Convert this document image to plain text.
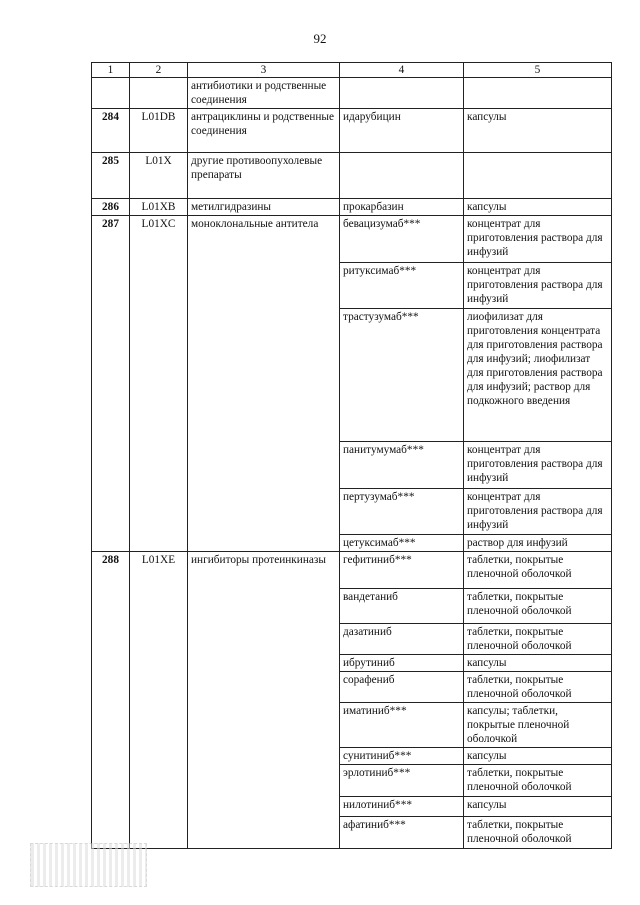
92
1	2	3	4	5
		антибиотики и родственные соединения		
284	L01DB	антрациклины и родственные соединения	идарубицин	капсулы
285	L01X	другие противоопухолевые препараты		
286	L01XB	метилгидразины	прокарбазин	капсулы
287	L01XC	моноклональные антитела	бевацизумаб***	концентрат для приготовления раствора для инфузий
			ритуксимаб***	концентрат для приготовления раствора для инфузий
			трастузумаб***	лиофилизат для приготовления концентрата для приготовления раствора для инфузий; лиофилизат для приготовления раствора для инфузий; раствор для подкожного введения
			панитумумаб***	концентрат для приготовления раствора для инфузий
			пертузумаб***	концентрат для приготовления раствора для инфузий
			цетуксимаб***	раствор для инфузий
288	L01XE	ингибиторы протеинкиназы	гефитиниб***	таблетки, покрытые пленочной оболочкой
			вандетаниб	таблетки, покрытые пленочной оболочкой
			дазатиниб	таблетки, покрытые пленочной оболочкой
			ибрутиниб	капсулы
			сорафениб	таблетки, покрытые пленочной оболочкой
			иматиниб***	капсулы; таблетки, покрытые пленочной оболочкой
			сунитиниб***	капсулы
			эрлотиниб***	таблетки, покрытые пленочной оболочкой
			нилотиниб***	капсулы
			афатиниб***	таблетки, покрытые пленочной оболочкой
